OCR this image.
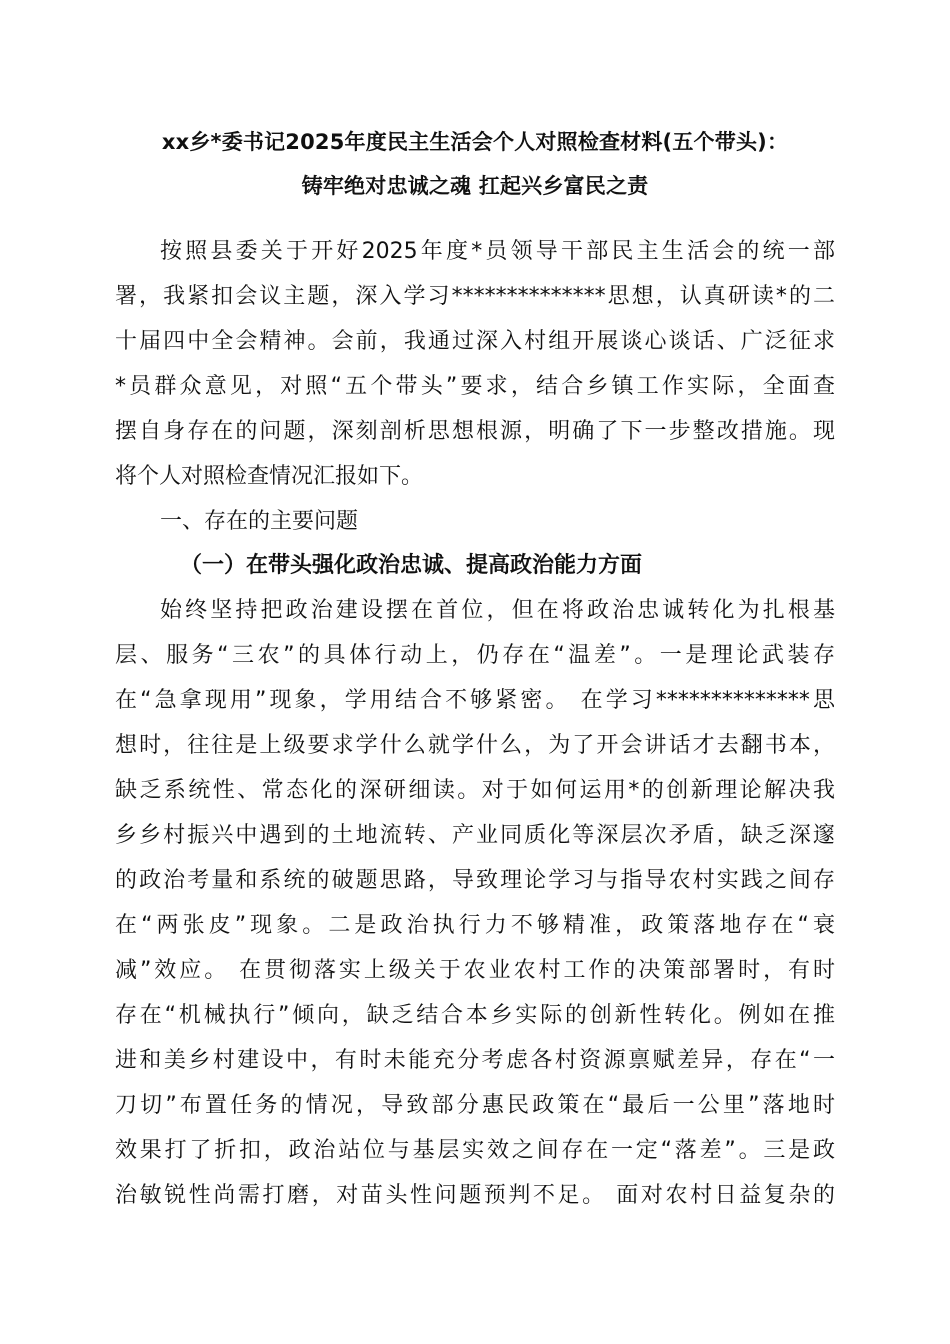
xx乡*委书记2025年度民主生活会个人对照检查材料(五个带头)：
铸牢绝对忠诚之魂 扛起兴乡富民之责
按照县委关于开好2025年度*员领导干部民主生活会的统一部
署，我紧扣会议主题，深入学习**************思想，认真研读*的二
十届四中全会精神。会前，我通过深入村组开展谈心谈话、广泛征求
*员群众意见，对照“五个带头”要求，结合乡镇工作实际，全面查
摆自身存在的问题，深刻剖析思想根源，明确了下一步整改措施。现
将个人对照检查情况汇报如下。
一、存在的主要问题
（一）在带头强化政治忠诚、提高政治能力方面
始终坚持把政治建设摆在首位，但在将政治忠诚转化为扎根基
层、服务“三农”的具体行动上，仍存在“温差”。一是理论武装存
在“急拿现用”现象，学用结合不够紧密。 在学习**************思
想时，往往是上级要求学什么就学什么，为了开会讲话才去翻书本，
缺乏系统性、常态化的深研细读。对于如何运用*的创新理论解决我
乡乡村振兴中遇到的土地流转、产业同质化等深层次矛盾，缺乏深邃
的政治考量和系统的破题思路，导致理论学习与指导农村实践之间存
在“两张皮”现象。二是政治执行力不够精准，政策落地存在“衰
减”效应。 在贯彻落实上级关于农业农村工作的决策部署时，有时
存在“机械执行”倾向，缺乏结合本乡实际的创新性转化。例如在推
进和美乡村建设中，有时未能充分考虑各村资源禀赋差异，存在“一
刀切”布置任务的情况，导致部分惠民政策在“最后一公里”落地时
效果打了折扣，政治站位与基层实效之间存在一定“落差”。三是政
治敏锐性尚需打磨，对苗头性问题预判不足。 面对农村日益复杂的
